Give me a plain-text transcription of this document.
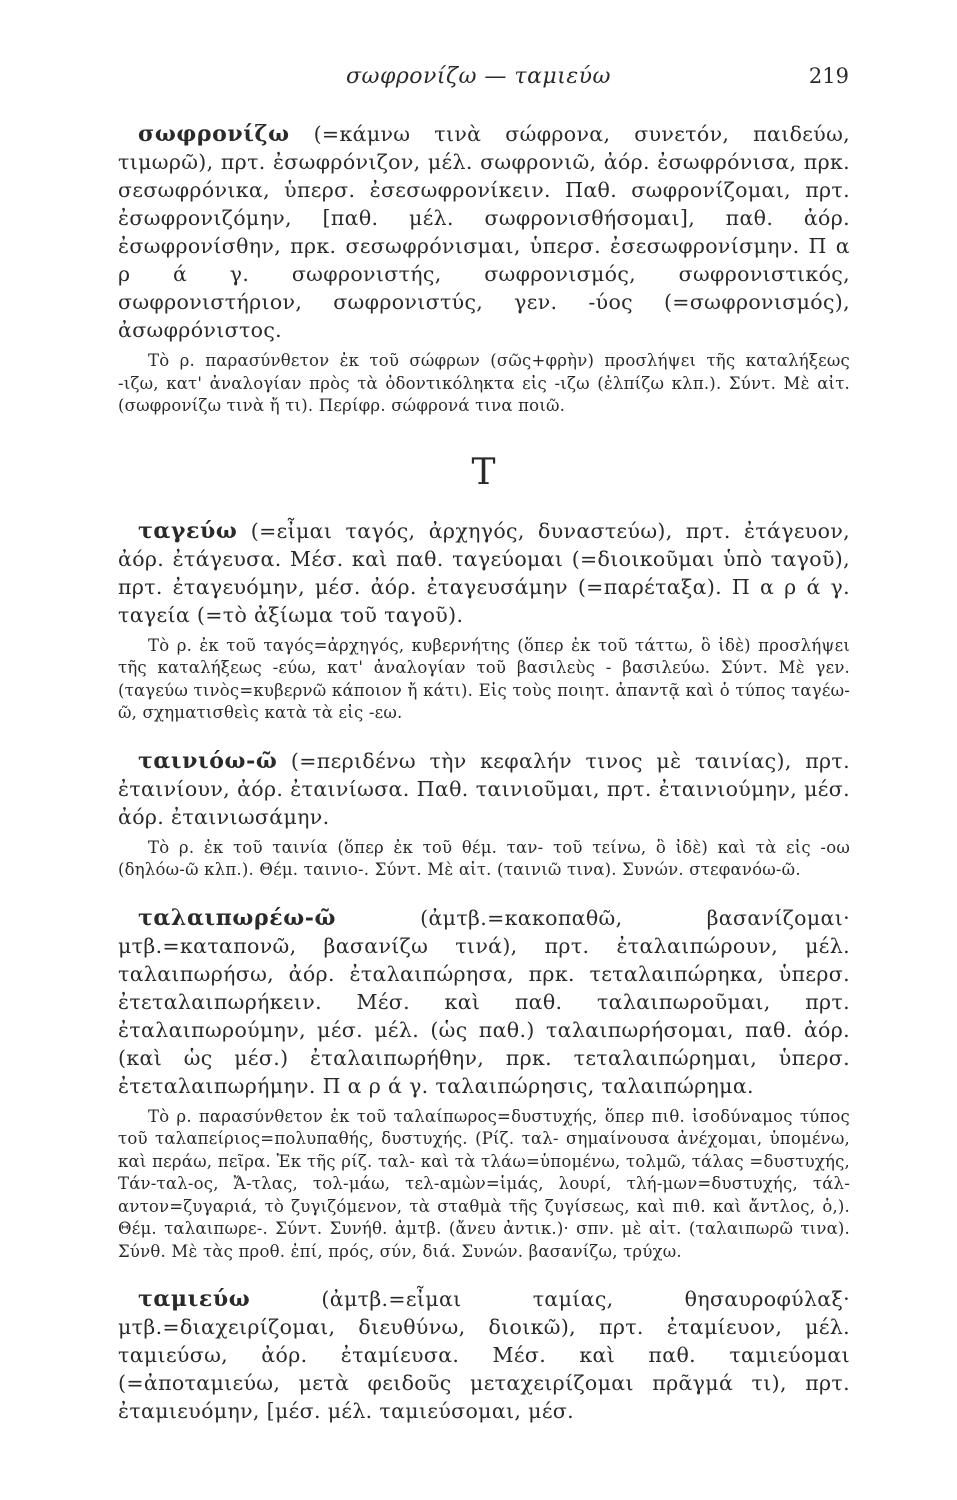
σωφρονίζω — ταμιεύω	219

σωφρονίζω (=κάμνω τινὰ σώφρονα, συνετόν, παιδεύω, τιμωρῶ), πρτ. ἐσωφρόνιζον, μέλ. σωφρονιῶ, ἀόρ. ἐσωφρόνισα, πρκ. σεσωφρόνικα, ὑπερσ. ἐσεσωφρονίκειν. Παθ. σωφρονίζομαι, πρτ. ἐσωφρονιζόμην, [παθ. μέλ. σωφρονισθήσομαι], παθ. ἀόρ. ἐσωφρονίσθην, πρκ. σεσωφρόνισμαι, ὑπερσ. ἐσεσωφρονίσμην. Π α ρ ά γ. σωφρονιστής, σωφρονισμός, σωφρονιστικός, σωφρονιστήριον, σωφρονιστύς, γεν. -ύος (=σωφρονισμός), ἀσωφρόνιστος.

Τὸ ρ. παρασύνθετον ἐκ τοῦ σώφρων (σῶς+φρὴν) προσλήψει τῆς καταλήξεως -ιζω, κατ' ἀναλογίαν πρὸς τὰ ὀδοντικόληκτα εἰς -ιζω (ἐλπίζω κλπ.). Σύντ. Μὲ αἰτ. (σωφρονίζω τινὰ ἤ τι). Περίφρ. σώφρονά τινα ποιῶ.

Τ

ταγεύω (=εἶμαι ταγός, ἀρχηγός, δυναστεύω), πρτ. ἐτάγευον, ἀόρ. ἐτάγευσα. Μέσ. καὶ παθ. ταγεύομαι (=διοικοῦμαι ὑπὸ ταγοῦ), πρτ. ἐταγευόμην, μέσ. ἀόρ. ἐταγευσάμην (=παρέταξα). Π α ρ ά γ. ταγεία (=τὸ ἀξίωμα τοῦ ταγοῦ).

Τὸ ρ. ἐκ τοῦ ταγός=ἀρχηγός, κυβερνήτης (ὅπερ ἐκ τοῦ τάττω, ὃ ἰδὲ) προσλήψει τῆς καταλήξεως -εύω, κατ' ἀναλογίαν τοῦ βασιλεὺς - βασιλεύω. Σύντ. Μὲ γεν. (ταγεύω τινὸς=κυβερνῶ κάποιον ἤ κάτι). Εἰς τοὺς ποιητ. ἀπαντᾷ καὶ ὁ τύπος ταγέω-ῶ, σχηματισθεὶς κατὰ τὰ εἰς -εω.

ταινιόω-ῶ (=περιδένω τὴν κεφαλήν τινος μὲ ταινίας), πρτ. ἐταινίουν, ἀόρ. ἐταινίωσα. Παθ. ταινιοῦμαι, πρτ. ἐταινιούμην, μέσ. ἀόρ. ἐταινιωσάμην.

Τὸ ρ. ἐκ τοῦ ταινία (ὅπερ ἐκ τοῦ θέμ. ταν- τοῦ τείνω, ὃ ἰδὲ) καὶ τὰ εἰς -οω (δηλόω-ῶ κλπ.). Θέμ. ταινιο-. Σύντ. Μὲ αἰτ. (ταινιῶ τινα). Συνών. στεφανόω-ῶ.

ταλαιπωρέω-ῶ (ἀμτβ.=κακοπαθῶ, βασανίζομαι· μτβ.=καταπονῶ, βασανίζω τινά), πρτ. ἐταλαιπώρουν, μέλ. ταλαιπωρήσω, ἀόρ. ἐταλαιπώρησα, πρκ. τεταλαιπώρηκα, ὑπερσ. ἐτεταλαιπωρήκειν. Μέσ. καὶ παθ. ταλαιπωροῦμαι, πρτ. ἐταλαιπωρούμην, μέσ. μέλ. (ὡς παθ.) ταλαιπωρήσομαι, παθ. ἀόρ. (καὶ ὡς μέσ.) ἐταλαιπωρήθην, πρκ. τεταλαιπώρημαι, ὑπερσ. ἐτεταλαιπωρήμην. Π α ρ ά γ. ταλαιπώρησις, ταλαιπώρημα.

Τὸ ρ. παρασύνθετον ἐκ τοῦ ταλαίπωρος=δυστυχής, ὅπερ πιθ. ἰσοδύναμος τύπος τοῦ ταλαπείριος=πολυπαθής, δυστυχής. (Ρίζ. ταλ- σημαίνουσα ἀνέχομαι, ὑπομένω, καὶ περάω, πεῖρα. Ἐκ τῆς ρίζ. ταλ- καὶ τὰ τλάω=ὑπομένω, τολμῶ, τάλας =δυστυχής, Τάν-ταλ-ος, Ἄ-τλας, τολ-μάω, τελ-αμὼν=ἱμάς, λουρί, τλή-μων=δυστυχής, τάλ-αντον=ζυγαριά, τὸ ζυγιζόμενον, τὰ σταθμὰ τῆς ζυγίσεως, καὶ πιθ. καὶ ἄντλος, ὁ,). Θέμ. ταλαιπωρε-. Σύντ. Συνήθ. ἀμτβ. (ἄνευ ἀντικ.)· σπν. μὲ αἰτ. (ταλαιπωρῶ τινα). Σύνθ. Μὲ τὰς προθ. ἐπί, πρός, σύν, διά. Συνών. βασανίζω, τρύχω.

ταμιεύω (ἀμτβ.=εἶμαι ταμίας, θησαυροφύλαξ· μτβ.=διαχειρίζομαι, διευθύνω, διοικῶ), πρτ. ἐταμίευον, μέλ. ταμιεύσω, ἀόρ. ἐταμίευσα. Μέσ. καὶ παθ. ταμιεύομαι (=ἀποταμιεύω, μετὰ φειδοῦς μεταχειρίζομαι πρᾶγμά τι), πρτ. ἐταμιευόμην, [μέσ. μέλ. ταμιεύσομαι, μέσ.
